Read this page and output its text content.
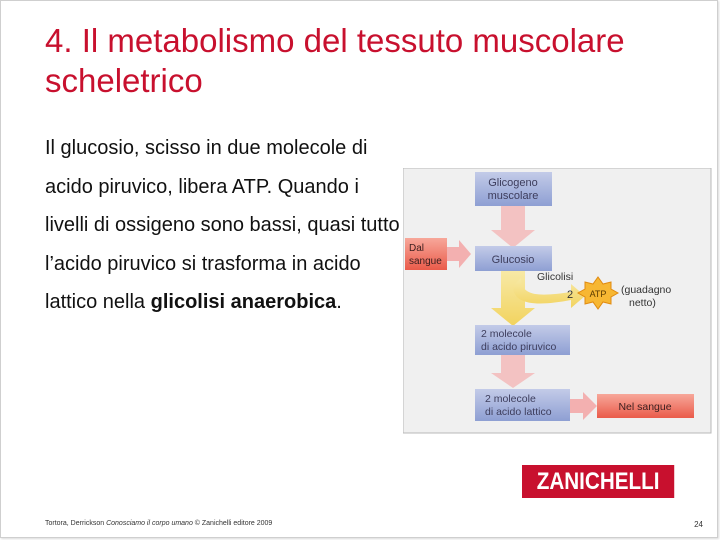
4. Il metabolismo del tessuto muscolare scheletrico
Il glucosio, scisso in due molecole di acido piruvico, libera ATP. Quando i livelli di ossigeno sono bassi, quasi tutto l’acido piruvico si trasforma in acido lattico nella glicolisi anaerobica.
Glicogeno
muscolare
Dal
sangue	Glucosio
Glicolisi
2 ATP (guadagno
netto)
2 molecole
di acido piruvico
2 molecole
di acido lattico	Nel sangue
ZANICHELLI
Tortora, Derrickson Conosciamo il corpo umano © Zanichelli editore 2009	24
